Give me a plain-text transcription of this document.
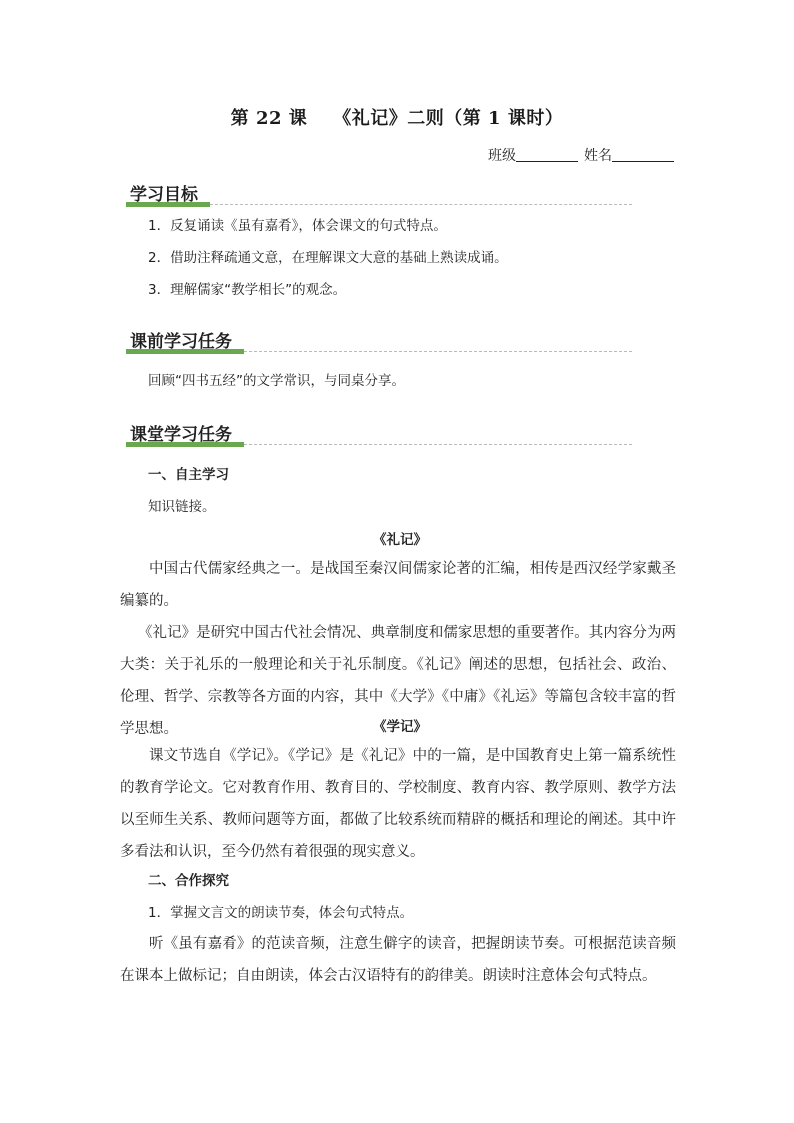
第 22 课 《礼记》二则（第 1 课时）
班级	姓名
学习目标
1．反复诵读《虽有嘉肴》，体会课文的句式特点。
2．借助注释疏通文意，在理解课文大意的基础上熟读成诵。
3．理解儒家“教学相长”的观念。
课前学习任务
回顾“四书五经”的文学常识，与同桌分享。
课堂学习任务
一、自主学习
知识链接。
《礼记》
中国古代儒家经典之一。是战国至秦汉间儒家论著的汇编，相传是西汉经学家戴圣编纂的。
《礼记》是研究中国古代社会情况、典章制度和儒家思想的重要著作。其内容分为两大类：关于礼乐的一般理论和关于礼乐制度。《礼记》阐述的思想，包括社会、政治、伦理、哲学、宗教等各方面的内容，其中《大学》《中庸》《礼运》等篇包含较丰富的哲学思想。	《学记》
课文节选自《学记》。《学记》是《礼记》中的一篇，是中国教育史上第一篇系统性的教育学论文。它对教育作用、教育目的、学校制度、教育内容、教学原则、教学方法以至师生关系、教师问题等方面，都做了比较系统而精辟的概括和理论的阐述。其中许多看法和认识，至今仍然有着很强的现实意义。
二、合作探究
1．掌握文言文的朗读节奏，体会句式特点。
听《虽有嘉肴》的范读音频，注意生僻字的读音，把握朗读节奏。可根据范读音频在课本上做标记；自由朗读，体会古汉语特有的韵律美。朗读时注意体会句式特点。
